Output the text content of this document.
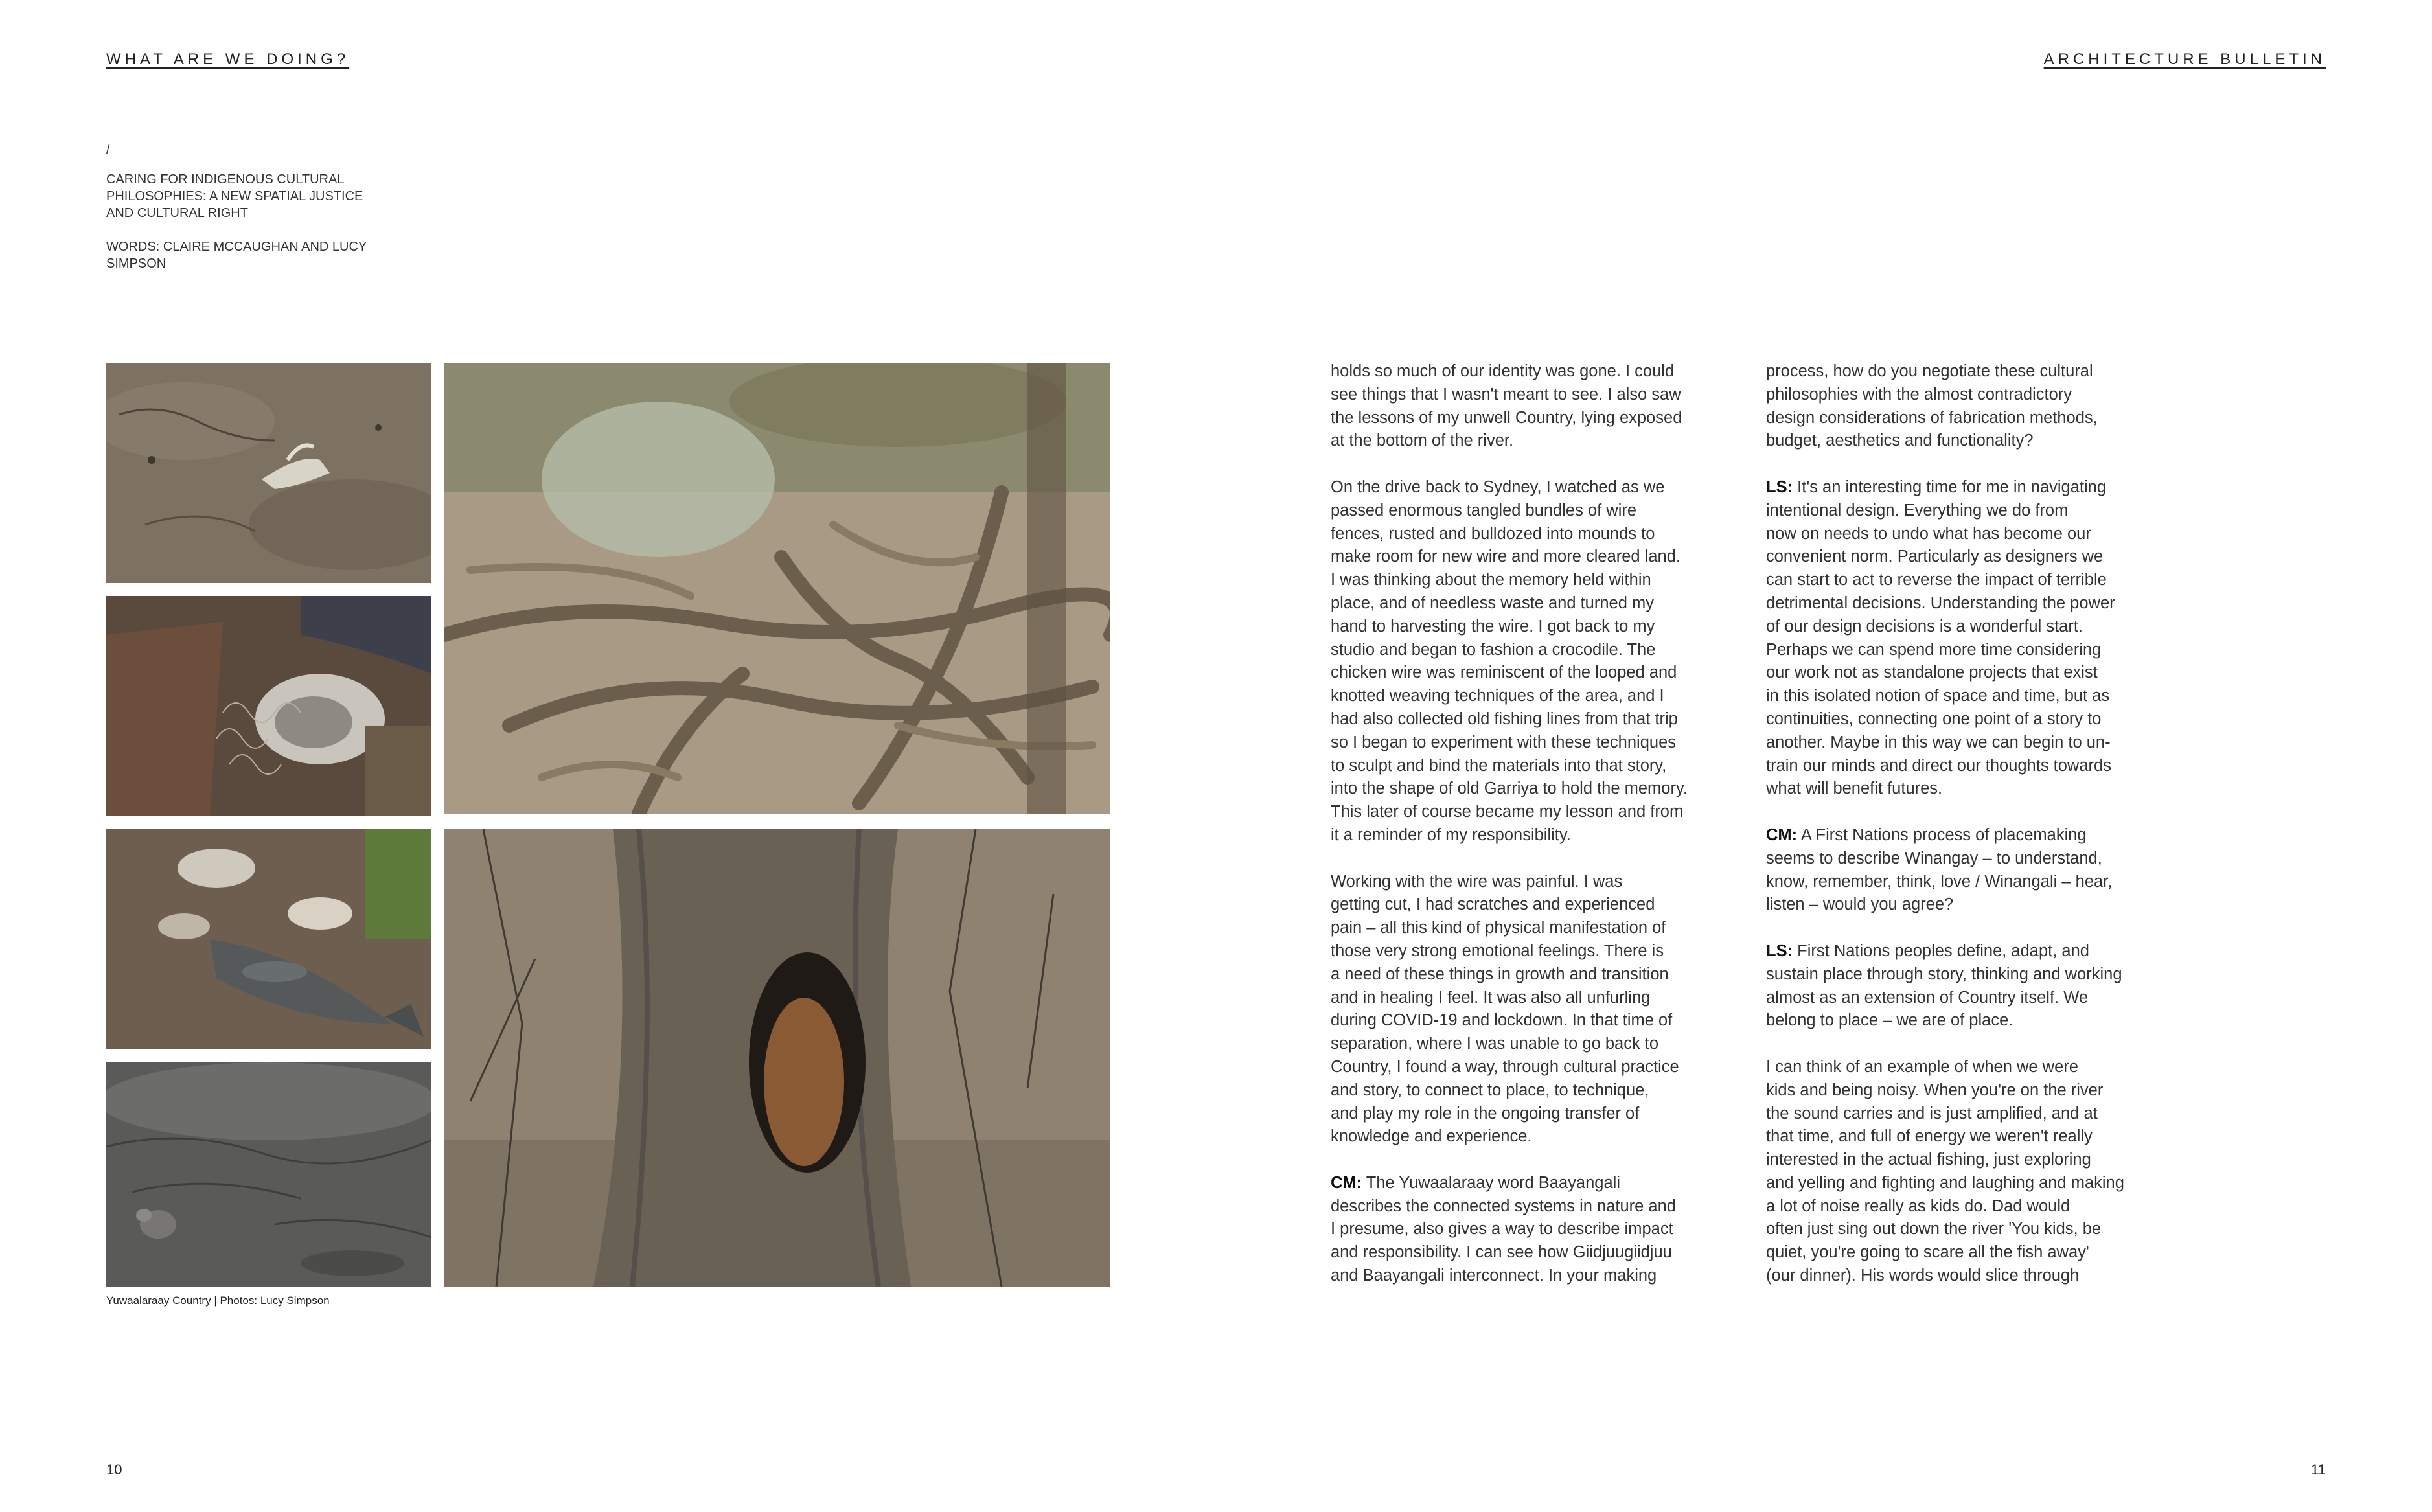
WHAT ARE WE DOING?	ARCHITECTURE BULLETIN
/
CARING FOR INDIGENOUS CULTURAL PHILOSOPHIES: A NEW SPATIAL JUSTICE AND CULTURAL RIGHT
WORDS: CLAIRE MCCAUGHAN AND LUCY SIMPSON
Yuwaalaraay Country | Photos: Lucy Simpson

holds so much of our identity was gone. I could
see things that I wasn't meant to see. I also saw
the lessons of my unwell Country, lying exposed
at the bottom of the river.

On the drive back to Sydney, I watched as we
passed enormous tangled bundles of wire
fences, rusted and bulldozed into mounds to
make room for new wire and more cleared land.
I was thinking about the memory held within
place, and of needless waste and turned my
hand to harvesting the wire. I got back to my
studio and began to fashion a crocodile. The
chicken wire was reminiscent of the looped and
knotted weaving techniques of the area, and I
had also collected old fishing lines from that trip
so I began to experiment with these techniques
to sculpt and bind the materials into that story,
into the shape of old Garriya to hold the memory.
This later of course became my lesson and from
it a reminder of my responsibility.

Working with the wire was painful. I was
getting cut, I had scratches and experienced
pain – all this kind of physical manifestation of
those very strong emotional feelings. There is
a need of these things in growth and transition
and in healing I feel. It was also all unfurling
during COVID-19 and lockdown. In that time of
separation, where I was unable to go back to
Country, I found a way, through cultural practice
and story, to connect to place, to technique,
and play my role in the ongoing transfer of
knowledge and experience.

CM: The Yuwaalaraay word Baayangali
describes the connected systems in nature and
I presume, also gives a way to describe impact
and responsibility. I can see how Giidjuugiidjuu
and Baayangali interconnect. In your making

process, how do you negotiate these cultural
philosophies with the almost contradictory
design considerations of fabrication methods,
budget, aesthetics and functionality?

LS: It's an interesting time for me in navigating
intentional design. Everything we do from
now on needs to undo what has become our
convenient norm. Particularly as designers we
can start to act to reverse the impact of terrible
detrimental decisions. Understanding the power
of our design decisions is a wonderful start.
Perhaps we can spend more time considering
our work not as standalone projects that exist
in this isolated notion of space and time, but as
continuities, connecting one point of a story to
another. Maybe in this way we can begin to un-
train our minds and direct our thoughts towards
what will benefit futures.

CM: A First Nations process of placemaking
seems to describe Winangay – to understand,
know, remember, think, love / Winangali – hear,
listen – would you agree?

LS: First Nations peoples define, adapt, and
sustain place through story, thinking and working
almost as an extension of Country itself. We
belong to place – we are of place.

I can think of an example of when we were
kids and being noisy. When you're on the river
the sound carries and is just amplified, and at
that time, and full of energy we weren't really
interested in the actual fishing, just exploring
and yelling and fighting and laughing and making
a lot of noise really as kids do. Dad would
often just sing out down the river 'You kids, be
quiet, you're going to scare all the fish away'
(our dinner). His words would slice through

10	11
